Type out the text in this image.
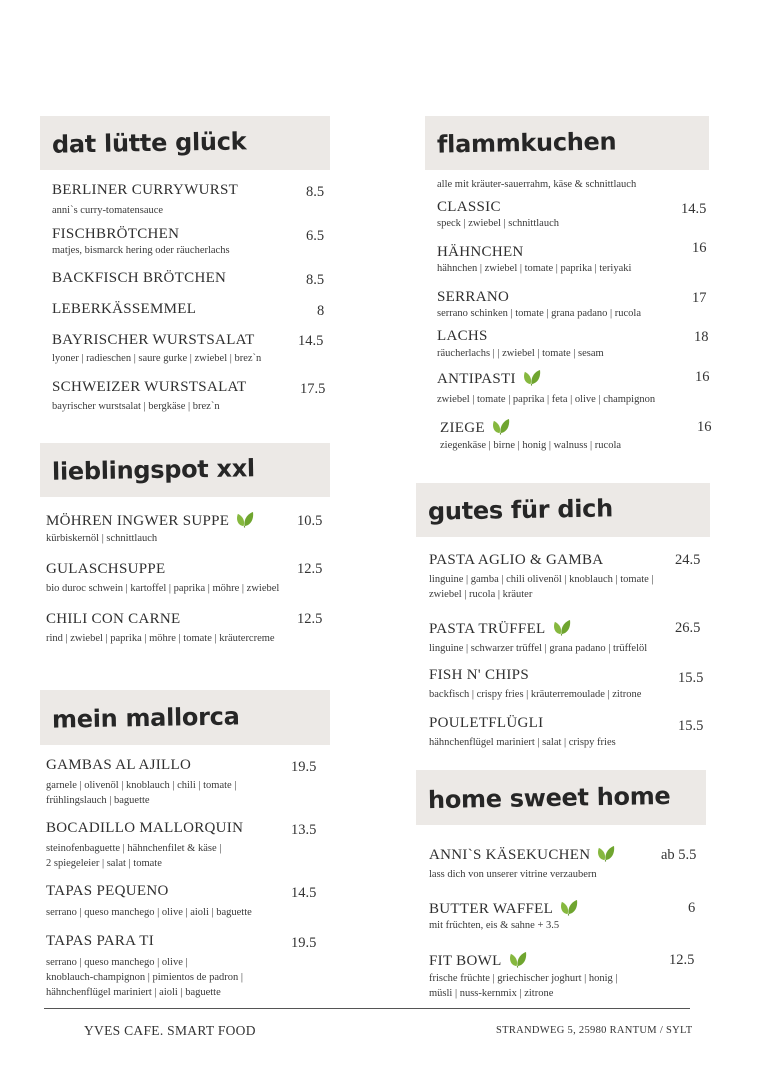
dat lütte glück
BERLINER CURRYWURST	8.5
anni`s curry-tomatensauce
FISCHBRÖTCHEN	6.5
matjes, bismarck hering oder räucherlachs
BACKFISCH BRÖTCHEN	8.5
LEBERKÄSSEMMEL	8
BAYRISCHER WURSTSALAT	14.5
lyoner | radieschen | saure gurke | zwiebel | brez`n
SCHWEIZER WURSTSALAT	17.5
bayrischer wurstsalat | bergkäse | brez`n
lieblingspot xxl
MÖHREN INGWER SUPPE	10.5
kürbiskernöl | schnittlauch
GULASCHSUPPE	12.5
bio duroc schwein | kartoffel | paprika | möhre | zwiebel
CHILI CON CARNE	12.5
rind | zwiebel | paprika | möhre | tomate | kräutercreme
mein mallorca
GAMBAS AL AJILLO	19.5
garnele | olivenöl | knoblauch | chili | tomate |
frühlingslauch | baguette
BOCADILLO MALLORQUIN	13.5
steinofenbaguette | hähnchenfilet & käse |
2 spiegeleier | salat | tomate
TAPAS PEQUENO	14.5
serrano | queso manchego | olive | aioli | baguette
TAPAS PARA TI	19.5
serrano | queso manchego | olive |
knoblauch-champignon | pimientos de padron |
hähnchenflügel mariniert | aioli | baguette
flammkuchen
alle mit kräuter-sauerrahm, käse & schnittlauch
CLASSIC	14.5
speck | zwiebel | schnittlauch
HÄHNCHEN	16
hähnchen | zwiebel | tomate | paprika | teriyaki
SERRANO	17
serrano schinken | tomate | grana padano | rucola
LACHS	18
räucherlachs | | zwiebel | tomate | sesam
ANTIPASTI	16
zwiebel | tomate | paprika | feta | olive | champignon
ZIEGE	16
ziegenkäse | birne | honig | walnuss | rucola
gutes für dich
PASTA AGLIO & GAMBA	24.5
linguine | gamba | chili olivenöl | knoblauch | tomate |
zwiebel | rucola | kräuter
PASTA TRÜFFEL	26.5
linguine | schwarzer trüffel | grana padano | trüffelöl
FISH N' CHIPS	15.5
backfisch | crispy fries | kräuterremoulade | zitrone
POULETFLÜGLI	15.5
hähnchenflügel mariniert | salat | crispy fries
home sweet home
ANNI`S KÄSEKUCHEN	ab 5.5
lass dich von unserer vitrine verzaubern
BUTTER WAFFEL	6
mit früchten, eis & sahne + 3.5
FIT BOWL	12.5
frische früchte | griechischer joghurt | honig |
müsli | nuss-kernmix | zitrone
YVES CAFE. SMART FOOD	STRANDWEG 5, 25980 RANTUM / SYLT
